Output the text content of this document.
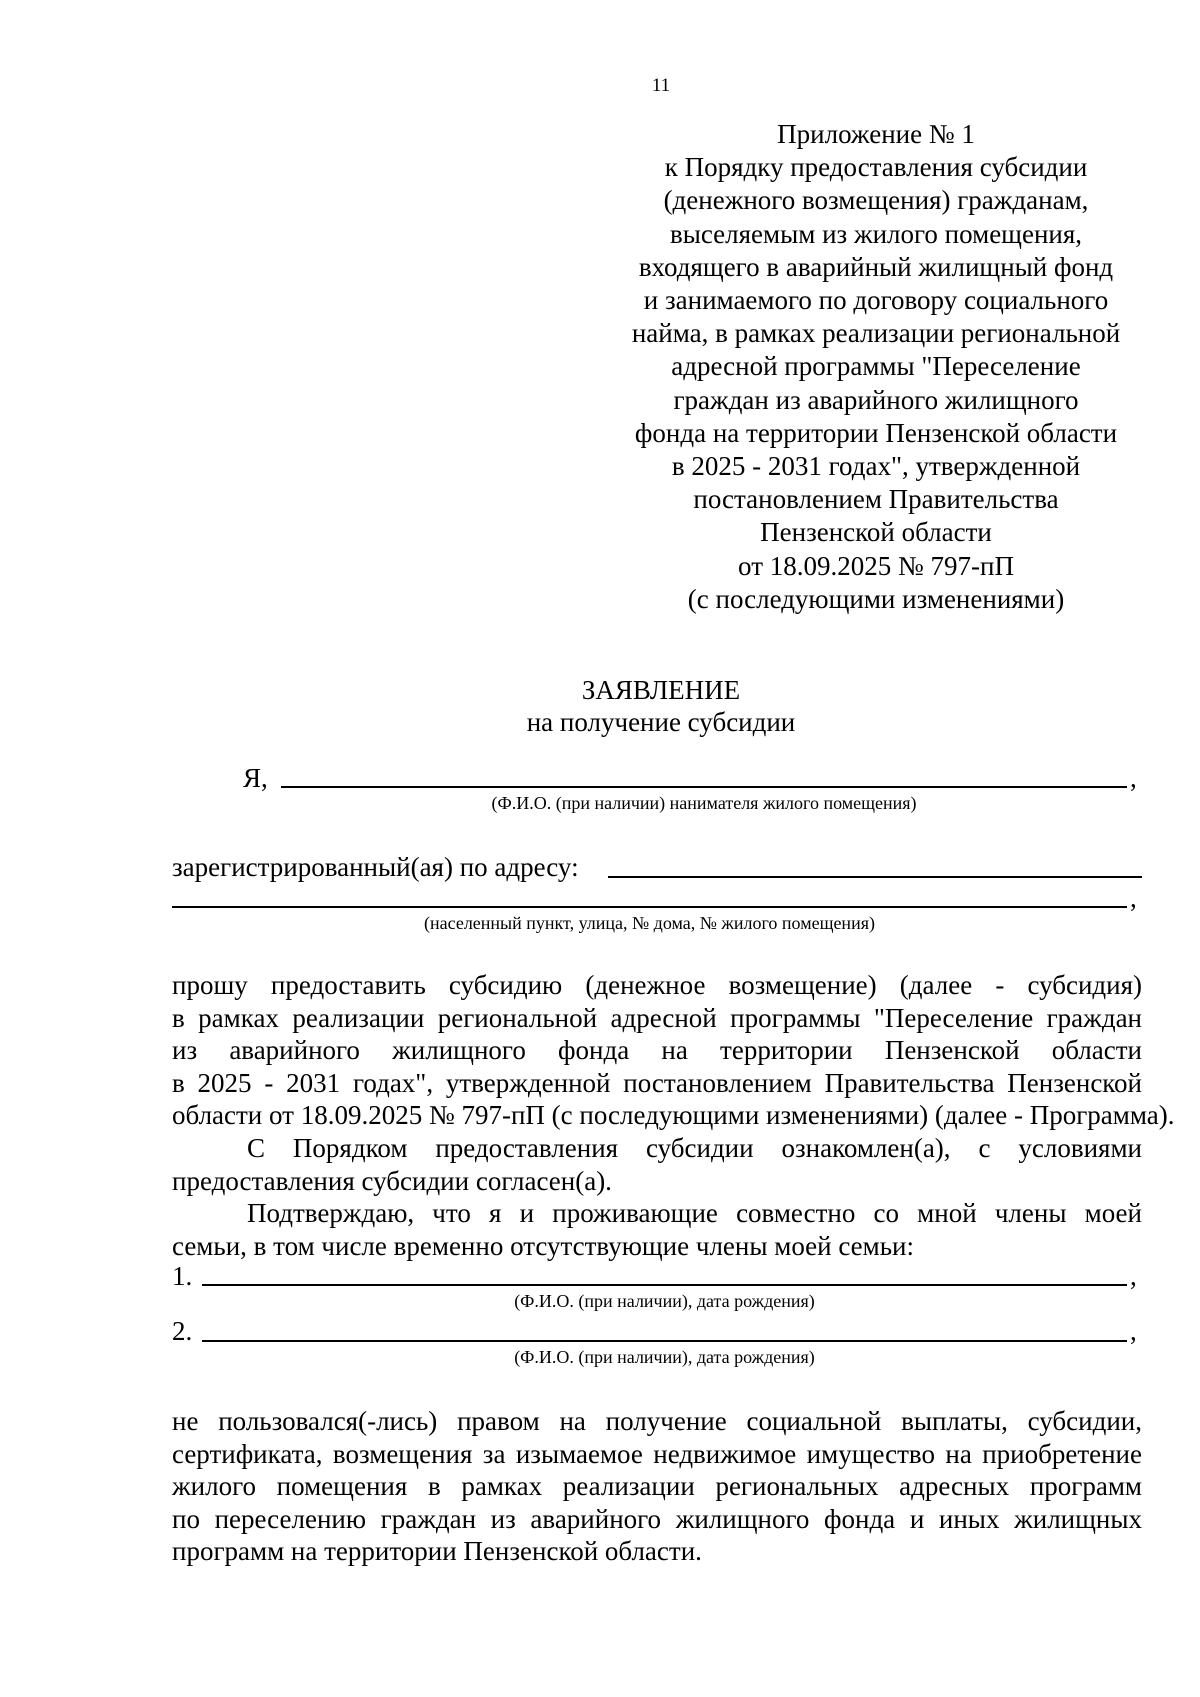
11
Приложение № 1
к Порядку предоставления субсидии
(денежного возмещения) гражданам,
выселяемым из жилого помещения,
входящего в аварийный жилищный фонд
и занимаемого по договору социального
найма, в рамках реализации региональной
адресной программы "Переселение
граждан из аварийного жилищного
фонда на территории Пензенской области
в 2025 - 2031 годах", утвержденной
постановлением Правительства
Пензенской области
от 18.09.2025 № 797-пП
(с последующими изменениями)
ЗАЯВЛЕНИЕ
на получение субсидии
Я,	,
(Ф.И.О. (при наличии) нанимателя жилого помещения)
зарегистрированный(ая) по адресу:
,
(населенный пункт, улица, № дома, № жилого помещения)
прошу предоставить субсидию (денежное возмещение) (далее - субсидия)
в рамках реализации региональной адресной программы "Переселение граждан
из аварийного жилищного фонда на территории Пензенской области
в 2025 - 2031 годах", утвержденной постановлением Правительства Пензенской
области от 18.09.2025 № 797-пП (с последующими изменениями) (далее - Программа).
С Порядком предоставления субсидии ознакомлен(а), с условиями
предоставления субсидии согласен(а).
Подтверждаю, что я и проживающие совместно со мной члены моей
семьи, в том числе временно отсутствующие члены моей семьи:
1.	,
(Ф.И.О. (при наличии), дата рождения)
2.	,
(Ф.И.О. (при наличии), дата рождения)
не пользовался(-лись) правом на получение социальной выплаты, субсидии,
сертификата, возмещения за изымаемое недвижимое имущество на приобретение
жилого помещения в рамках реализации региональных адресных программ
по переселению граждан из аварийного жилищного фонда и иных жилищных
программ на территории Пензенской области.
